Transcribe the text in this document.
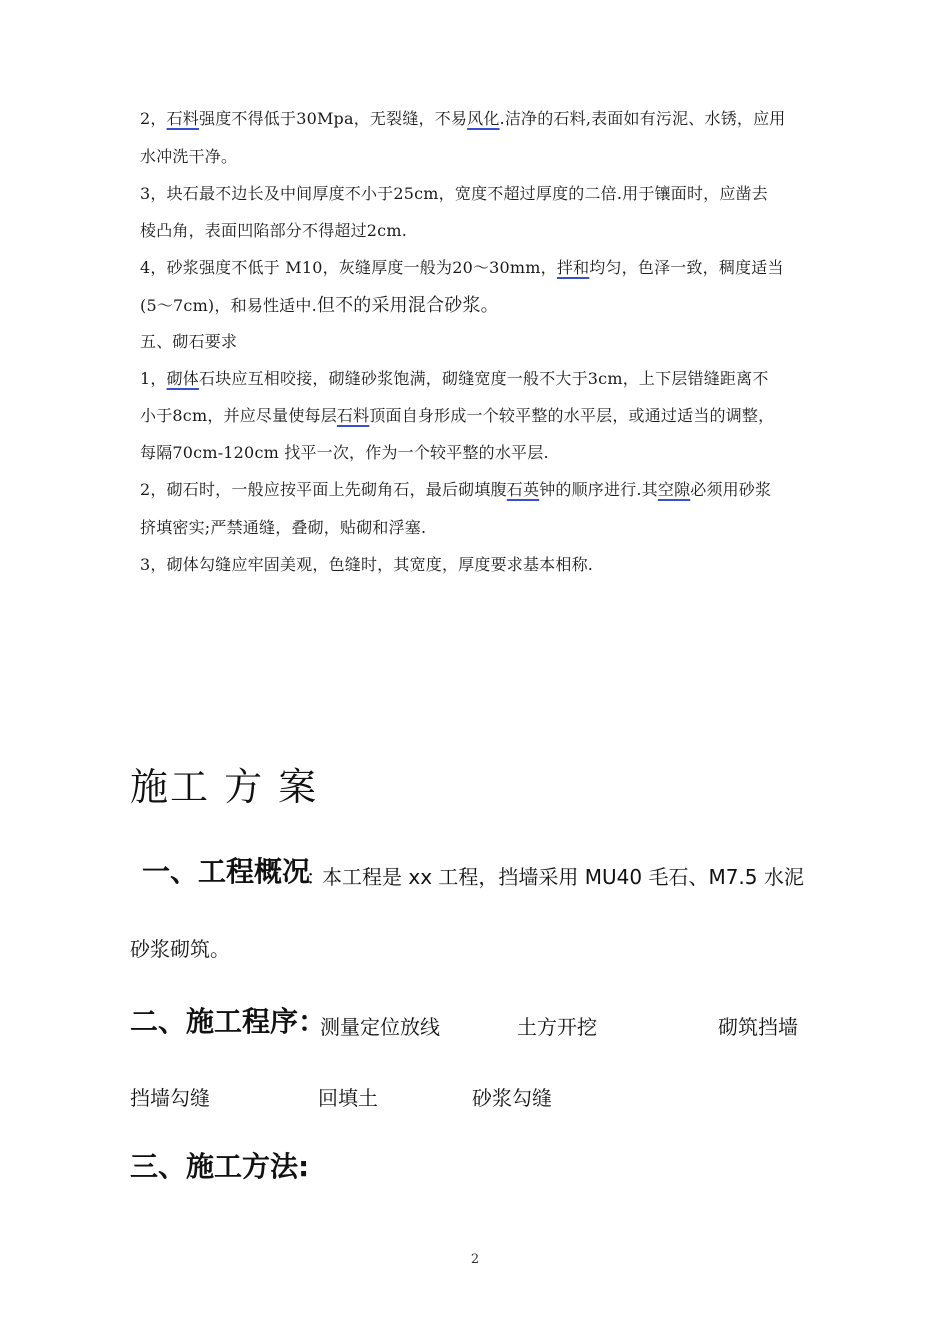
2，石料强度不得低于30Mpa，无裂缝，不易风化.洁净的石料,表面如有污泥、水锈，应用
水冲洗干净。
3，块石最不边长及中间厚度不小于25cm，宽度不超过厚度的二倍.用于镶面时，应凿去
棱凸角，表面凹陷部分不得超过2cm.
4，砂浆强度不低于 M10，灰缝厚度一般为20～30mm，拌和均匀，色泽一致，稠度适当
(5～7cm)，和易性适中.但不的采用混合砂浆。
五、砌石要求
1，砌体石块应互相咬接，砌缝砂浆饱满，砌缝宽度一般不大于3cm，上下层错缝距离不
小于8cm，并应尽量使每层石料顶面自身形成一个较平整的水平层，或通过适当的调整，
每隔70cm-120cm 找平一次，作为一个较平整的水平层.
2，砌石时，一般应按平面上先砌角石，最后砌填腹石英钟的顺序进行.其空隙必须用砂浆
挤填密实;严禁通缝，叠砌，贴砌和浮塞.
3，砌体勾缝应牢固美观，色缝时，其宽度，厚度要求基本相称.
施工 方 案
一、工程概况
：
本工程是 xx 工程，挡墙采用 MU40 毛石、M7.5 水泥
砂浆砌筑。
二、施工程序：
测量定位放线	土方开挖	砌筑挡墙
挡墙勾缝	回填土	砂浆勾缝
三、施工方法:
2
